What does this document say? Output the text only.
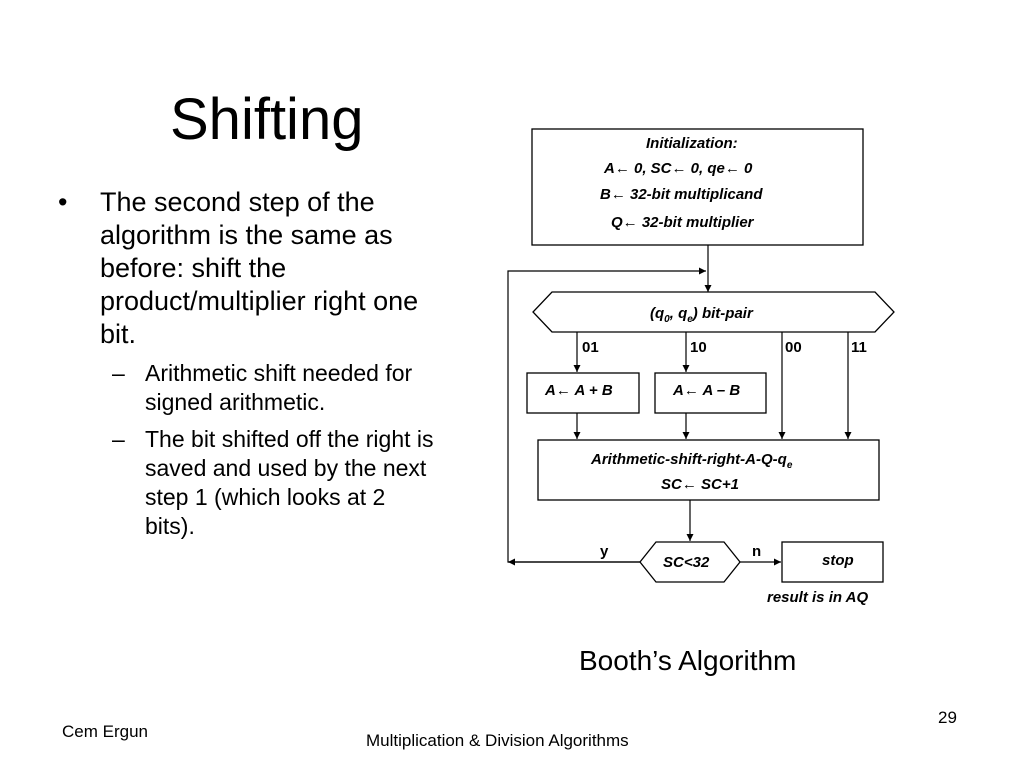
Shifting
• The second step of the algorithm is the same as before: shift the product/multiplier right one bit.
– Arithmetic shift needed for signed arithmetic.
– The bit shifted off the right is saved and used by the next step 1 (which looks at 2 bits).
Initialization:
A← 0, SC← 0, qe← 0
B← 32-bit multiplicand
Q← 32-bit multiplier
($q_0$, $q_e$) bit-pair
01	10	00	11
A← A + B	A← A – B
Arithmetic-$shift-right-A-Q-q_e$
SC← SC+1
SC<32
y	n
stop
result is in AQ
Booth’s Algorithm
Cem Ergun	Multiplication & Division Algorithms
29
